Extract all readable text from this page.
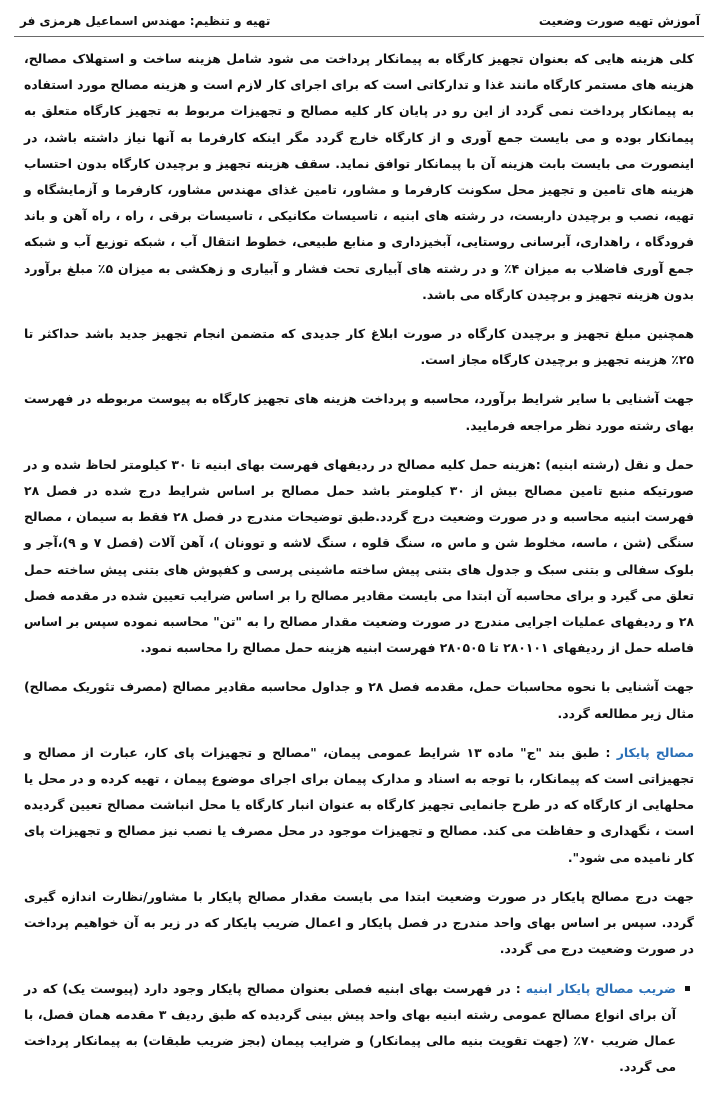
آموزش تهیه صورت وضعیت
تهیه و تنظیم: مهندس اسماعیل هرمزی فر

کلی هزینه هایی که بعنوان تجهیز کارگاه به پیمانکار پرداخت می شود شامل هزینه ساخت و استهلاک مصالح، هزینه های مستمر کارگاه مانند غذا و تدارکاتی است که برای اجرای کار لازم است و هزینه مصالح مورد استفاده به پیمانکار پرداخت نمی گردد از این رو در پایان کار کلیه مصالح و تجهیزات مربوط به تجهیز کارگاه متعلق به پیمانکار بوده و می بایست جمع آوری و از کارگاه خارج گردد مگر اینکه کارفرما به آنها نیاز داشته باشد، در اینصورت می بایست بابت هزینه آن با پیمانکار توافق نماید. سقف هزینه تجهیز و برچیدن کارگاه بدون احتساب هزینه های تامین و تجهیز محل سکونت کارفرما و مشاور، تامین غذای مهندس مشاور، کارفرما و آزمایشگاه و تهیه، نصب و برچیدن داربست، در رشته های ابنیه ، تاسیسات مکانیکی ، تاسیسات برقی ، راه ، راه آهن و باند فرودگاه ، راهداری، آبرسانی روستایی، آبخیزداری و منابع طبیعی، خطوط انتقال آب ، شبکه توزیع آب و شبکه جمع آوری فاضلاب به میزان ۴٪ و در رشته های آبیاری تحت فشار و آبیاری و زهکشی به میزان ۵٪ مبلغ برآورد بدون هزینه تجهیز و برچیدن کارگاه می باشد.

همچنین مبلغ تجهیز و برچیدن کارگاه در صورت ابلاغ کار جدیدی که متضمن انجام تجهیز جدید باشد حداکثر تا ۲۵٪ هزینه تجهیز و برچیدن کارگاه مجاز است.

جهت آشنایی با سایر شرایط برآورد، محاسبه و پرداخت هزینه های تجهیز کارگاه به پیوست مربوطه در فهرست بهای رشته مورد نظر مراجعه فرمایید.

حمل و نقل (رشته ابنیه) :هزینه حمل کلیه مصالح در ردیفهای فهرست بهای ابنیه تا ۳۰ کیلومتر لحاظ شده و در صورتیکه منبع تامین مصالح بیش از ۳۰ کیلومتر باشد حمل مصالح بر اساس شرایط درج شده در فصل ۲۸ فهرست ابنیه محاسبه و در صورت وضعیت درج گردد.طبق توضیحات مندرج در فصل ۲۸ فقط به سیمان ، مصالح سنگی (شن ، ماسه، مخلوط شن و ماس ه، سنگ قلوه ، سنگ لاشه و توونان )، آهن آلات (فصل ۷ و ۹)،آجر و بلوک سفالی و بتنی سبک و جدول های بتنی پیش ساخته ماشینی پرسی و کفپوش های بتنی پیش ساخته حمل تعلق می گیرد و برای محاسبه آن ابتدا می بایست مقادیر مصالح را بر اساس ضرایب تعیین شده در مقدمه فصل ۲۸ و ردیفهای عملیات اجرایی مندرج در صورت وضعیت مقدار مصالح را به "تن" محاسبه نموده سپس بر اساس فاصله حمل از ردیفهای ۲۸۰۱۰۱ تا ۲۸۰۵۰۵ فهرست ابنیه هزینه حمل مصالح را محاسبه نمود.

جهت آشنایی با نحوه محاسبات حمل، مقدمه فصل ۲۸ و جداول محاسبه مقادیر مصالح (مصرف تئوریک مصالح) مثال زیر مطالعه گردد.

مصالح پایکار : طبق بند "ج" ماده ۱۳ شرایط عمومی پیمان، "مصالح و تجهیزات پای کار، عبارت از مصالح و تجهیزاتی است که پیمانکار، با توجه به اسناد و مدارک پیمان برای اجرای موضوع پیمان ، تهیه کرده و در محل یا محلهایی از کارگاه که در طرح جانمایی تجهیز کارگاه به عنوان انبار کارگاه یا محل انباشت مصالح تعیین گردیده است ، نگهداری و حفاظت می کند. مصالح و تجهیزات موجود در محل مصرف یا نصب نیز مصالح و تجهیزات پای کار نامیده می شود".

جهت درج مصالح پایکار در صورت وضعیت ابتدا می بایست مقدار مصالح پایکار با مشاور/نظارت اندازه گیری گردد. سپس بر اساس بهای واحد مندرج در فصل پایکار و اعمال ضریب پایکار که در زیر به آن خواهیم پرداخت در صورت وضعیت درج می گردد.

ضریب مصالح پایکار ابنیه : در فهرست بهای ابنیه فصلی بعنوان مصالح پایکار وجود دارد (پیوست یک) که در آن برای انواع مصالح عمومی رشته ابنیه بهای واحد پیش بینی گردیده که طبق ردیف ۳ مقدمه همان فصل، با عمال ضریب ۷۰٪ (جهت تقویت بنیه مالی پیمانکار) و ضرایب پیمان (بجز ضریب طبقات) به پیمانکار پرداخت می گردد.
